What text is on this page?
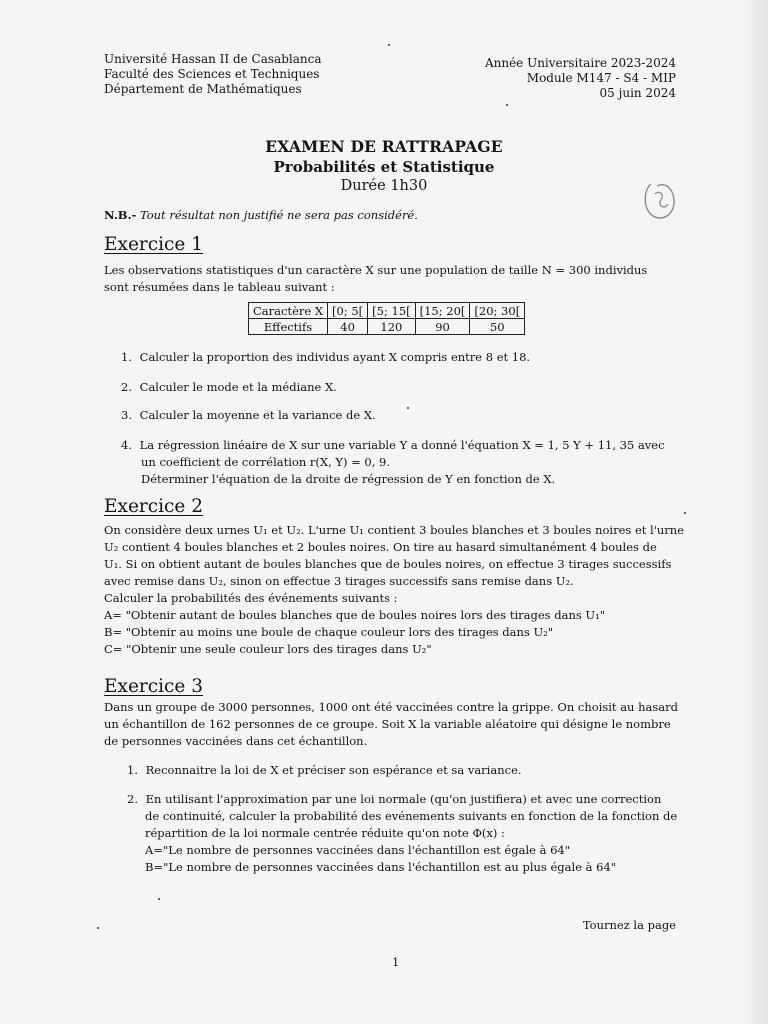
Université Hassan II de Casablanca
Faculté des Sciences et Techniques
Département de Mathématiques
Année Universitaire 2023-2024
Module M147 - S4 - MIP
05 juin 2024
EXAMEN DE RATTRAPAGE
Probabilités et Statistique
Durée 1h30
N.B.- Tout résultat non justifié ne sera pas considéré.
Exercice 1
Les observations statistiques d'un caractère X sur une population de taille N = 300 individus
sont résumées dans le tableau suivant :
Caractère X	[0; 5[	[5; 15[	[15; 20[	[20; 30[
Effectifs	40	120	90	50
1. Calculer la proportion des individus ayant X compris entre 8 et 18.
2. Calculer le mode et la médiane X.
3. Calculer la moyenne et la variance de X.
4. La régression linéaire de X sur une variable Y a donné l'équation X = 1, 5 Y + 11, 35 avec
un coefficient de corrélation r(X, Y) = 0, 9.
Déterminer l'équation de la droite de régression de Y en fonction de X.
Exercice 2
On considère deux urnes U₁ et U₂. L'urne U₁ contient 3 boules blanches et 3 boules noires et l'urne
U₂ contient 4 boules blanches et 2 boules noires. On tire au hasard simultanément 4 boules de
U₁. Si on obtient autant de boules blanches que de boules noires, on effectue 3 tirages successifs
avec remise dans U₂, sinon on effectue 3 tirages successifs sans remise dans U₂.
Calculer la probabilités des événements suivants :
A= "Obtenir autant de boules blanches que de boules noires lors des tirages dans U₁"
B= "Obtenir au moins une boule de chaque couleur lors des tirages dans U₂"
C= "Obtenir une seule couleur lors des tirages dans U₂"
Exercice 3
Dans un groupe de 3000 personnes, 1000 ont été vaccinées contre la grippe. On choisit au hasard
un échantillon de 162 personnes de ce groupe. Soit X la variable aléatoire qui désigne le nombre
de personnes vaccinées dans cet échantillon.
1. Reconnaitre la loi de X et préciser son espérance et sa variance.
2. En utilisant l'approximation par une loi normale (qu'on justifiera) et avec une correction
de continuité, calculer la probabilité des evénements suivants en fonction de la fonction de
répartition de la loi normale centrée réduite qu'on note Φ(x) :
A="Le nombre de personnes vaccinées dans l'échantillon est égale à 64"
B="Le nombre de personnes vaccinées dans l'échantillon est au plus égale à 64"
Tournez la page
1
